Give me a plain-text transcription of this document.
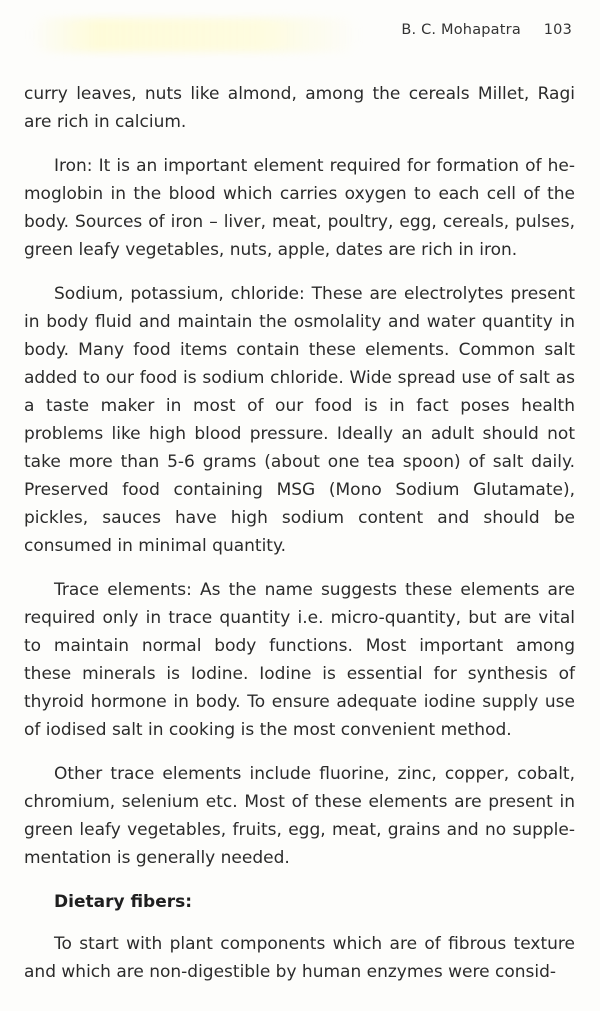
B. C. Mohapatra 103

curry leaves, nuts like almond, among the cereals Millet, Ragi are rich in calcium.

Iron: It is an important element required for formation of hemoglobin in the blood which carries oxygen to each cell of the body. Sources of iron – liver, meat, poultry, egg, cereals, pulses, green leafy vegetables, nuts, apple, dates are rich in iron.

Sodium, potassium, chloride: These are electrolytes present in body fluid and maintain the osmolality and water quantity in body. Many food items contain these elements. Common salt added to our food is sodium chloride. Wide spread use of salt as a taste maker in most of our food is in fact poses health problems like high blood pressure. Ideally an adult should not take more than 5-6 grams (about one tea spoon) of salt daily. Preserved food containing MSG (Mono Sodium Glutamate), pickles, sauces have high sodium content and should be consumed in minimal quantity.

Trace elements: As the name suggests these elements are required only in trace quantity i.e. micro-quantity, but are vital to maintain normal body functions. Most important among these minerals is Iodine. Iodine is essential for synthesis of thyroid hormone in body. To ensure adequate iodine supply use of iodised salt in cooking is the most convenient method.

Other trace elements include fluorine, zinc, copper, cobalt, chromium, selenium etc. Most of these elements are present in green leafy vegetables, fruits, egg, meat, grains and no supplementation is generally needed.

Dietary fibers:

To start with plant components which are of fibrous texture and which are non-digestible by human enzymes were consid-
